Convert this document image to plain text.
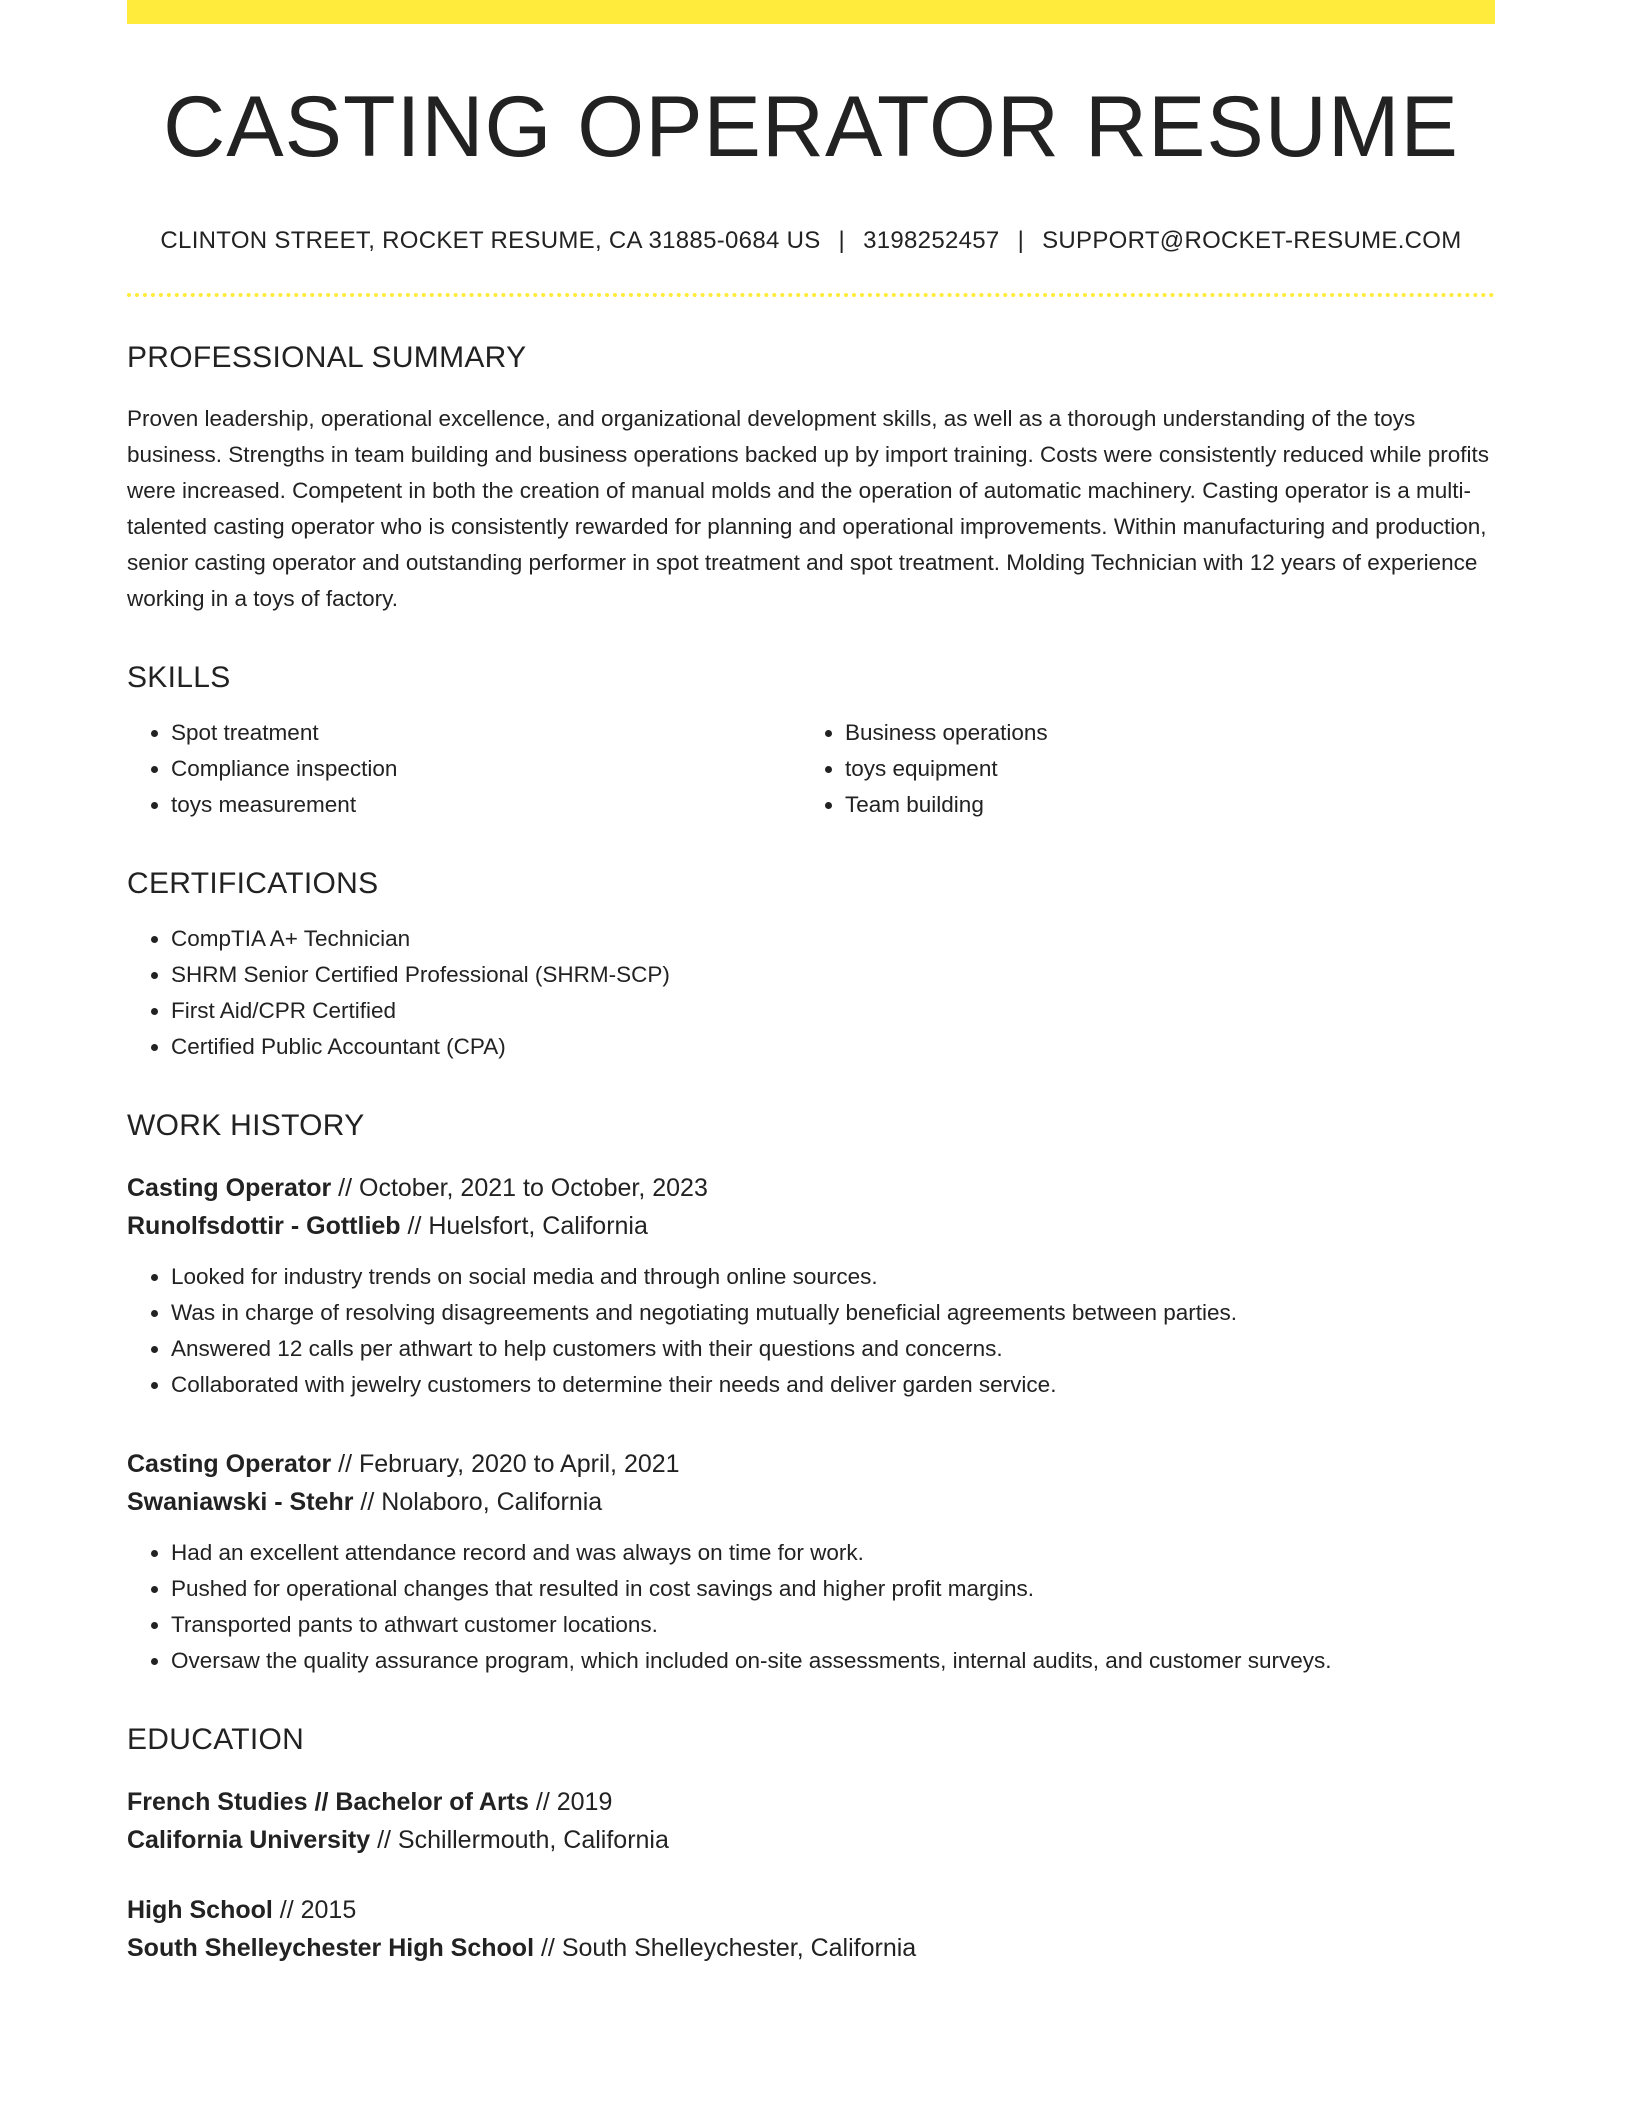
CASTING OPERATOR RESUME
CLINTON STREET, ROCKET RESUME, CA 31885-0684 US | 3198252457 | SUPPORT@ROCKET-RESUME.COM
PROFESSIONAL SUMMARY
Proven leadership, operational excellence, and organizational development skills, as well as a thorough understanding of the toys business. Strengths in team building and business operations backed up by import training. Costs were consistently reduced while profits were increased. Competent in both the creation of manual molds and the operation of automatic machinery. Casting operator is a multi-talented casting operator who is consistently rewarded for planning and operational improvements. Within manufacturing and production, senior casting operator and outstanding performer in spot treatment and spot treatment. Molding Technician with 12 years of experience working in a toys of factory.
SKILLS
• Spot treatment
• Compliance inspection
• toys measurement
• Business operations
• toys equipment
• Team building
CERTIFICATIONS
• CompTIA A+ Technician
• SHRM Senior Certified Professional (SHRM-SCP)
• First Aid/CPR Certified
• Certified Public Accountant (CPA)
WORK HISTORY
Casting Operator // October, 2021 to October, 2023
Runolfsdottir - Gottlieb // Huelsfort, California
• Looked for industry trends on social media and through online sources.
• Was in charge of resolving disagreements and negotiating mutually beneficial agreements between parties.
• Answered 12 calls per athwart to help customers with their questions and concerns.
• Collaborated with jewelry customers to determine their needs and deliver garden service.
Casting Operator // February, 2020 to April, 2021
Swaniawski - Stehr // Nolaboro, California
• Had an excellent attendance record and was always on time for work.
• Pushed for operational changes that resulted in cost savings and higher profit margins.
• Transported pants to athwart customer locations.
• Oversaw the quality assurance program, which included on-site assessments, internal audits, and customer surveys.
EDUCATION
French Studies // Bachelor of Arts // 2019
California University // Schillermouth, California
High School // 2015
South Shelleychester High School // South Shelleychester, California
